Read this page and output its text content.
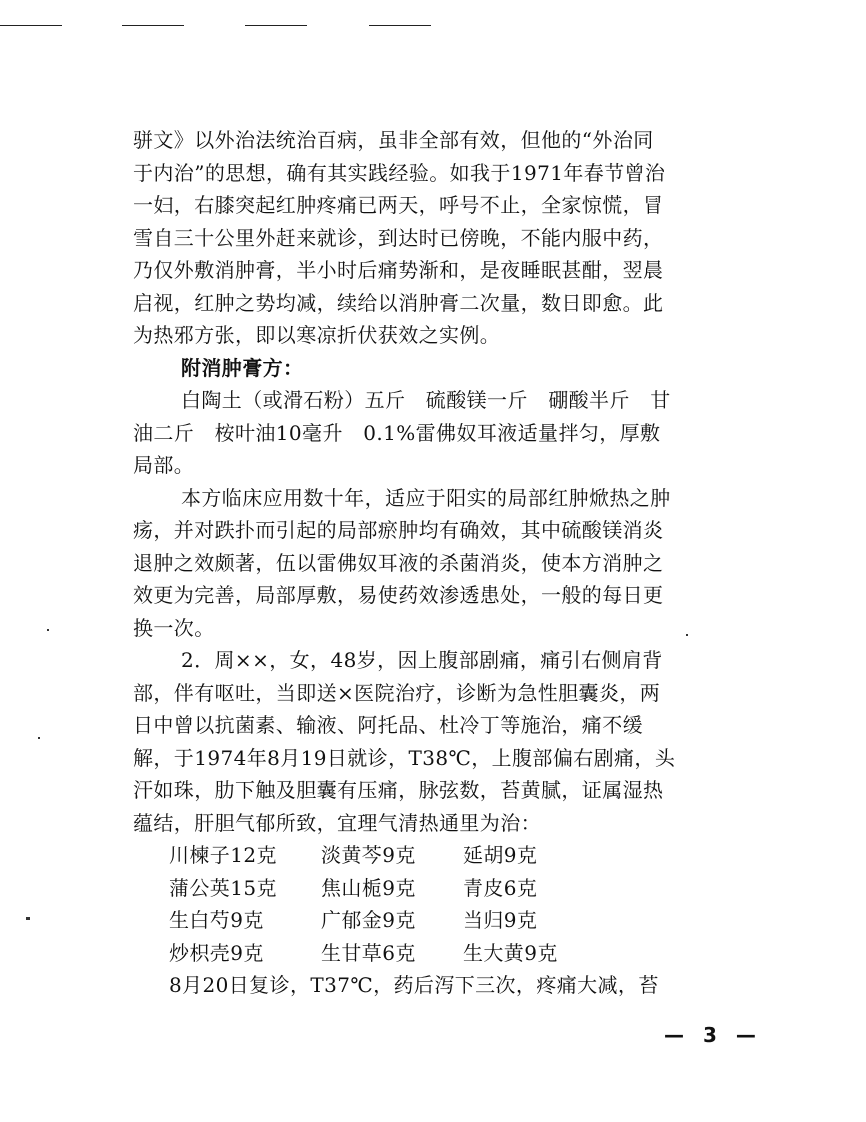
骈文》以外治法统治百病，虽非全部有效，但他的“外治同
于内治”的思想，确有其实践经验。如我于1971年春节曾治
一妇，右膝突起红肿疼痛已两天，呼号不止，全家惊慌，冒
雪自三十公里外赶来就诊，到达时已傍晚，不能内服中药，
乃仅外敷消肿膏，半小时后痛势渐和，是夜睡眠甚酣，翌晨
启视，红肿之势均减，续给以消肿膏二次量，数日即愈。此
为热邪方张，即以寒凉折伏获效之实例。
附消肿膏方：
白陶土（或滑石粉）五斤　硫酸镁一斤　硼酸半斤　甘
油二斤　桉叶油10毫升　0.1%雷佛奴耳液适量拌匀，厚敷
局部。
本方临床应用数十年，适应于阳实的局部红肿焮热之肿
疡，并对跌扑而引起的局部瘀肿均有确效，其中硫酸镁消炎
退肿之效颇著，伍以雷佛奴耳液的杀菌消炎，使本方消肿之
效更为完善，局部厚敷，易使药效渗透患处，一般的每日更
换一次。
2．周××，女，48岁，因上腹部剧痛，痛引右侧肩背
部，伴有呕吐，当即送×医院治疗，诊断为急性胆囊炎，两
日中曾以抗菌素、输液、阿托品、杜冷丁等施治，痛不缓
解，于1974年8月19日就诊，T38℃，上腹部偏右剧痛，头
汗如珠，肋下触及胆囊有压痛，脉弦数，苔黄腻，证属湿热
蕴结，肝胆气郁所致，宜理气清热通里为治：
川楝子12克 淡黄芩9克 延胡9克
蒲公英15克 焦山栀9克 青皮6克
生白芍9克	广郁金9克 当归9克
炒枳壳9克	生甘草6克 生大黄9克
8月20日复诊，T37℃，药后泻下三次，疼痛大减，苔
— 3 —
